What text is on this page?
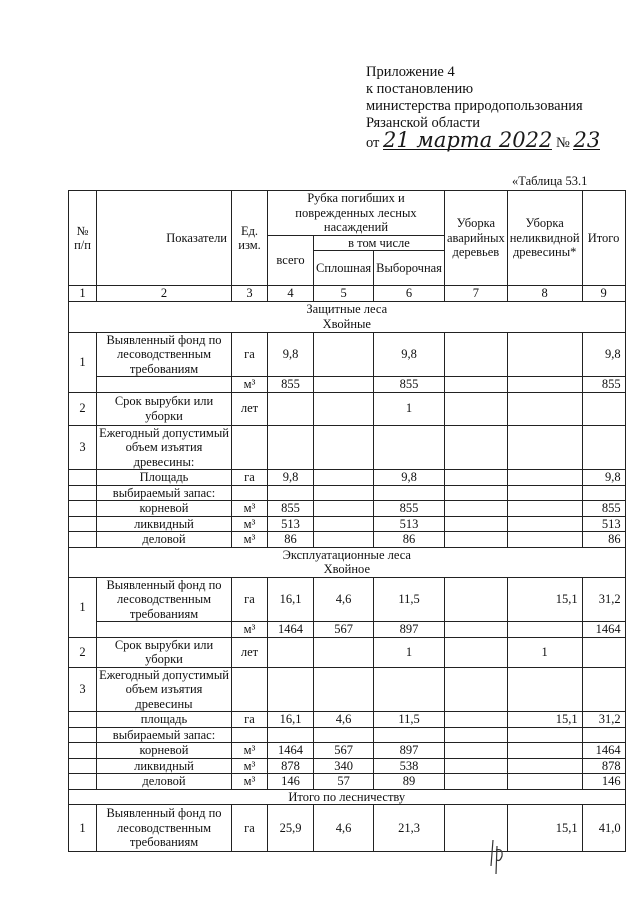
Приложение 4
к постановлению
министерства природопользования
Рязанской области
от 21 марта 2022 № 23
«Таблица 53.1
№ п/п	Показатели	Ед. изм.	Рубка погибших и поврежденных лесных насаждений			Уборка аварийных деревьев	Уборка неликвидной древесины*	Итого
			всего	в том числе				
				Сплошная	Выборочная			
1	2	3	4	5	6	7	8	9

Защитные леса
Хвойные								

1	Выявленный фонд по лесоводственным требованиям	га	9,8		9,8			9,8
		м³	855		855			855
2	Срок вырубки или уборки	лет			1			
3	Ежегодный допустимый объем изъятия древесины:							
	Площадь	га	9,8		9,8			9,8
	выбираемый запас:							
	корневой	м³	855		855			855
	ликвидный	м³	513		513			513
	деловой	м³	86		86			86

Эксплуатационные леса
Хвойное								

1	Выявленный фонд по лесоводственным требованиям	га	16,1	4,6	11,5		15,1	31,2
		м³	1464	567	897			1464
2	Срок вырубки или уборки	лет			1		1	
3	Ежегодный допустимый объем изъятия древесины							
	площадь	га	16,1	4,6	11,5		15,1	31,2
	выбираемый запас:							
	корневой	м³	1464	567	897			1464
	ликвидный	м³	878	340	538			878
	деловой	м³	146	57	89			146
Итого по лесничеству								
1	Выявленный фонд по лесоводственным требованиям	га	25,9	4,6	21,3		15,1	41,0
